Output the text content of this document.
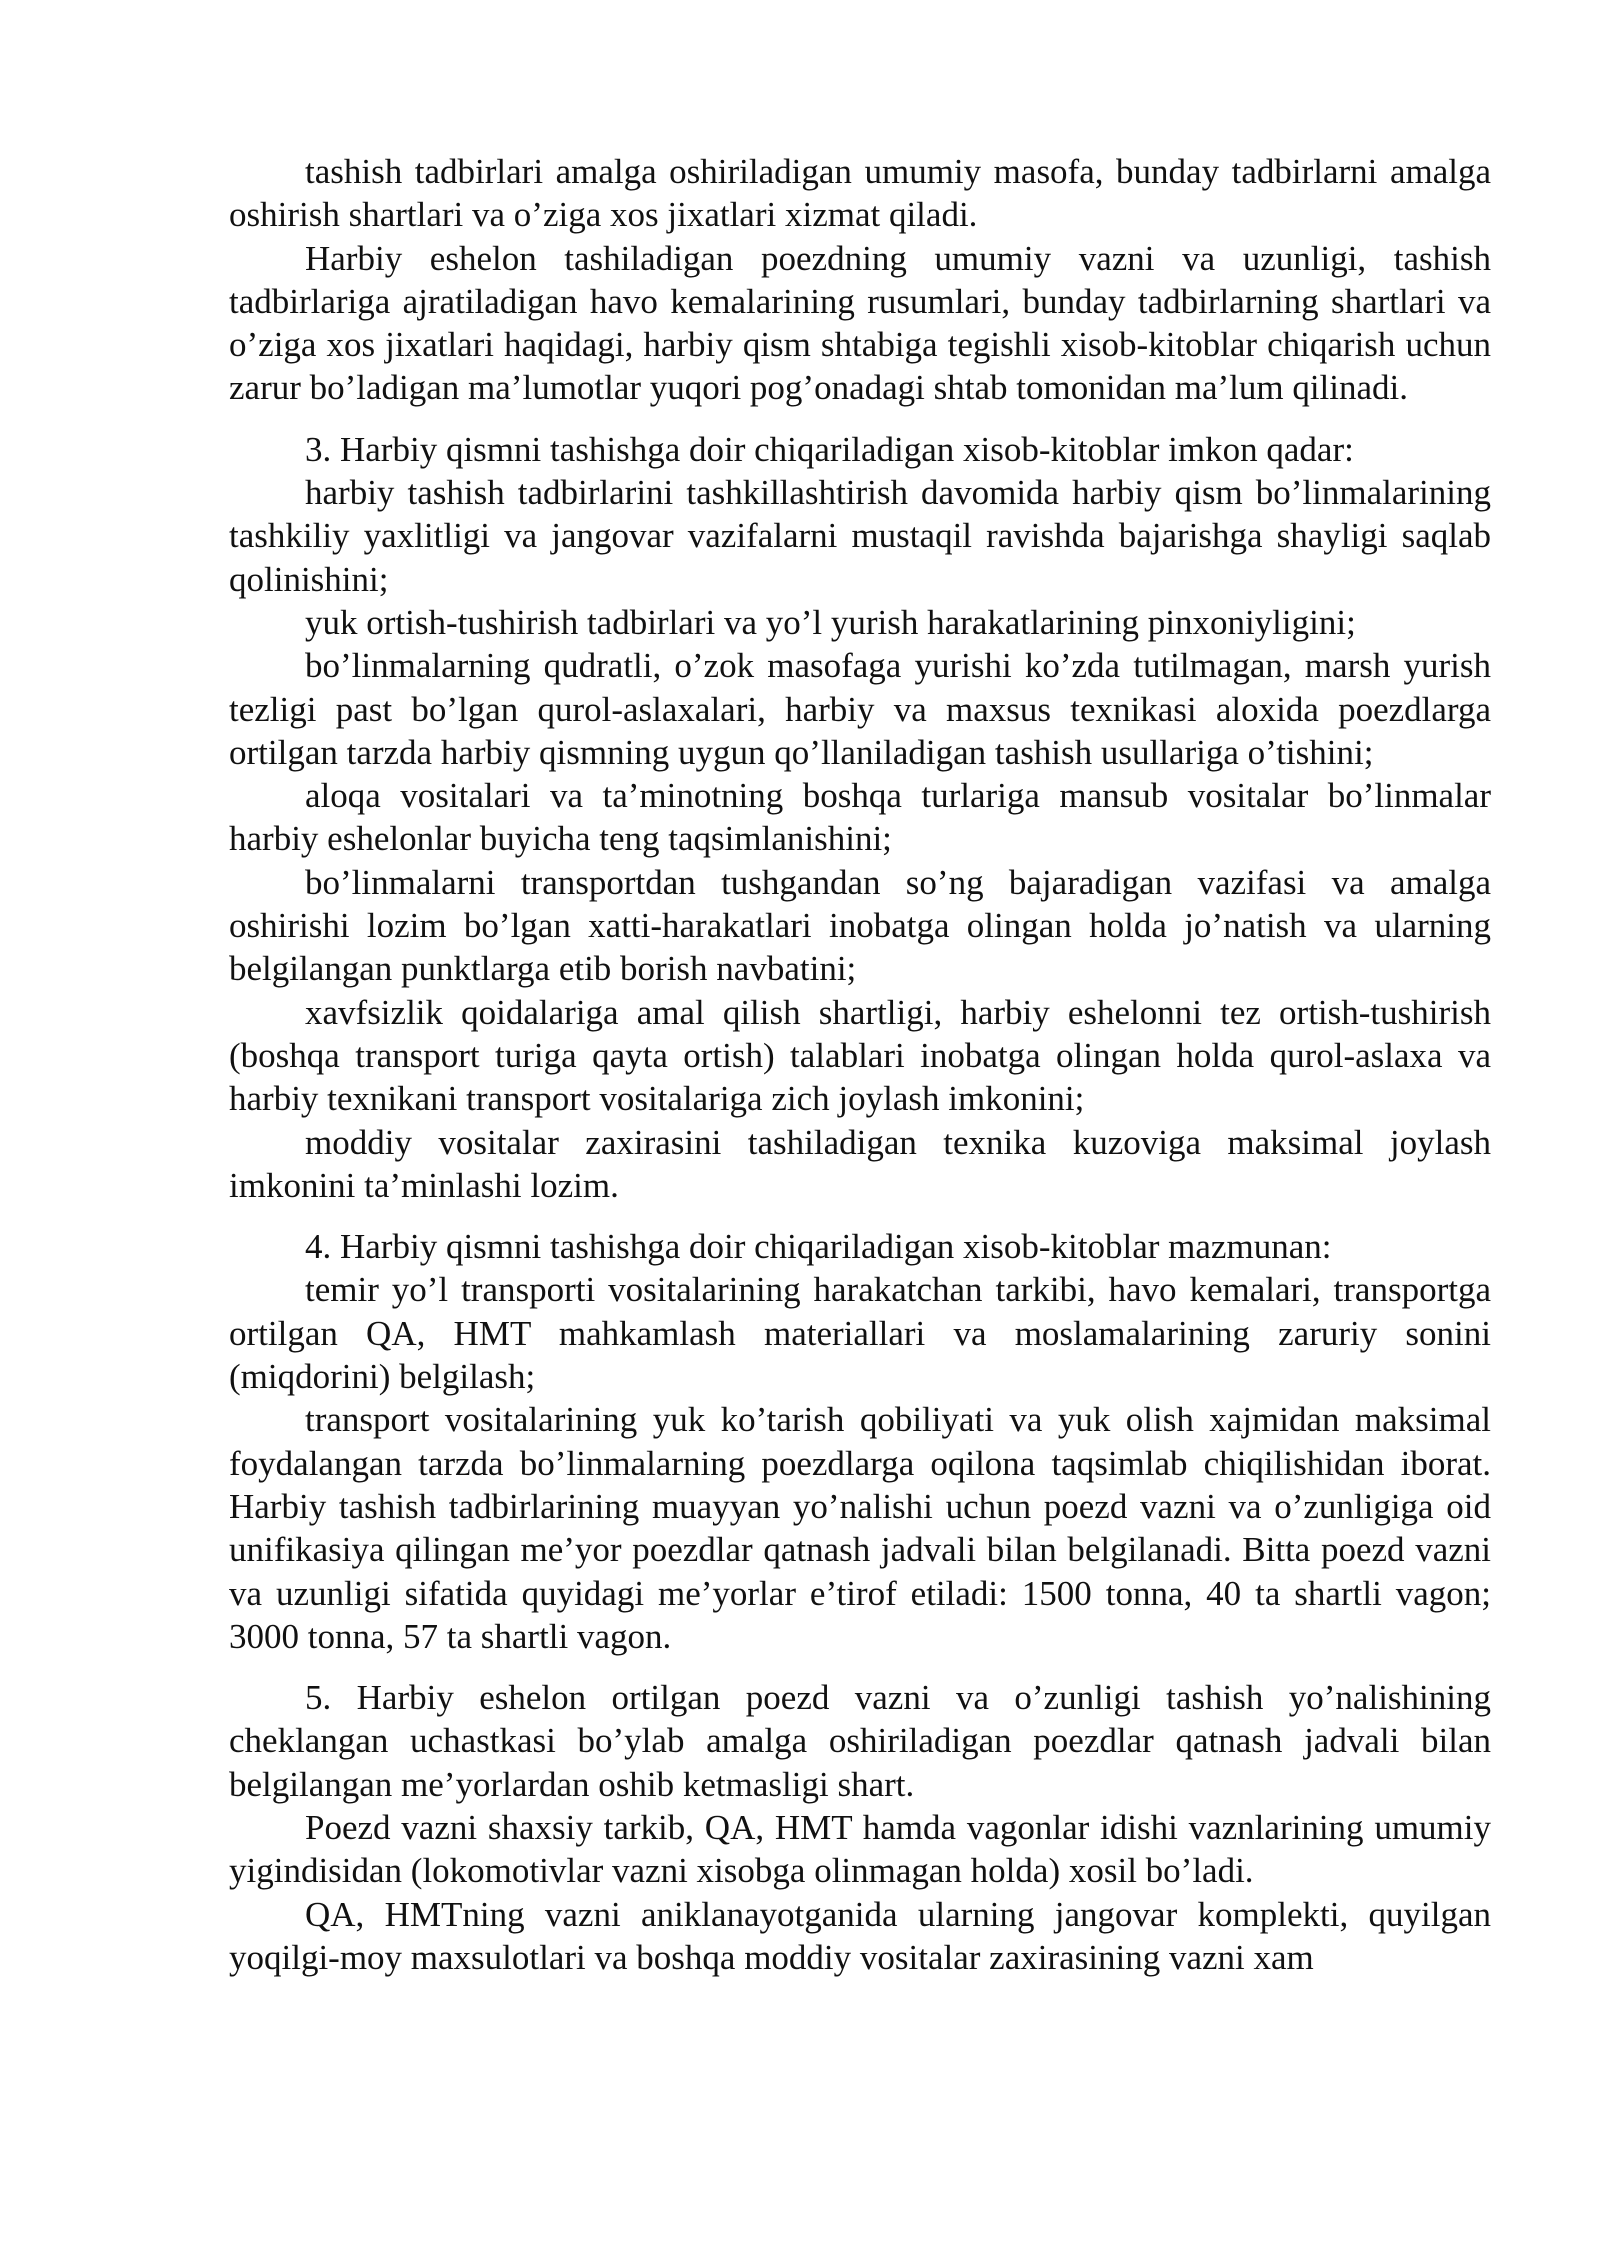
tashish tadbirlari amalga oshiriladigan umumiy masofa, bunday tadbirlarni amalga oshirish shartlari va o’ziga xos jixatlari xizmat qiladi.

Harbiy eshelon tashiladigan poezdning umumiy vazni va uzunligi, tashish tadbirlariga ajratiladigan havo kemalarining rusumlari, bunday tadbirlarning shartlari va o’ziga xos jixatlari haqidagi, harbiy qism shtabiga tegishli xisob-kitoblar chiqarish uchun zarur bo’ladigan ma’lumotlar yuqori pog’onadagi shtab tomonidan ma’lum qilinadi.

3. Harbiy qismni tashishga doir chiqariladigan xisob-kitoblar imkon qadar:

harbiy tashish tadbirlarini tashkillashtirish davomida harbiy qism bo’linmalarining tashkiliy yaxlitligi va jangovar vazifalarni mustaqil ravishda bajarishga shayligi saqlab qolinishini;

yuk ortish-tushirish tadbirlari va yo’l yurish harakatlarining pinxoniyligini;

bo’linmalarning qudratli, o’zok masofaga yurishi ko’zda tutilmagan, marsh yurish tezligi past bo’lgan qurol-aslaxalari, harbiy va maxsus texnikasi aloxida poezdlarga ortilgan tarzda harbiy qismning uygun qo’llaniladigan tashish usullariga o’tishini;

aloqa vositalari va ta’minotning boshqa turlariga mansub vositalar bo’linmalar harbiy eshelonlar buyicha teng taqsimlanishini;

bo’linmalarni transportdan tushgandan so’ng bajaradigan vazifasi va amalga oshirishi lozim bo’lgan xatti-harakatlari inobatga olingan holda jo’natish va ularning belgilangan punktlarga etib borish navbatini;

xavfsizlik qoidalariga amal qilish shartligi, harbiy eshelonni tez ortish-tushirish (boshqa transport turiga qayta ortish) talablari inobatga olingan holda qurol-aslaxa va harbiy texnikani transport vositalariga zich joylash imkonini;

moddiy vositalar zaxirasini tashiladigan texnika kuzoviga maksimal joylash imkonini ta’minlashi lozim.

4. Harbiy qismni tashishga doir chiqariladigan xisob-kitoblar mazmunan:

temir yo’l transporti vositalarining harakatchan tarkibi, havo kemalari, transportga ortilgan QA, HMT mahkamlash materiallari va moslamalarining zaruriy sonini (miqdorini) belgilash;

transport vositalarining yuk ko’tarish qobiliyati va yuk olish xajmidan maksimal foydalangan tarzda bo’linmalarning poezdlarga oqilona taqsimlab chiqilishidan iborat. Harbiy tashish tadbirlarining muayyan yo’nalishi uchun poezd vazni va o’zunligiga oid unifikasiya qilingan me’yor poezdlar qatnash jadvali bilan belgilanadi. Bitta poezd vazni va uzunligi sifatida quyidagi me’yorlar e’tirof etiladi: 1500 tonna, 40 ta shartli vagon; 3000 tonna, 57 ta shartli vagon.

5. Harbiy eshelon ortilgan poezd vazni va o’zunligi tashish yo’nalishining cheklangan uchastkasi bo’ylab amalga oshiriladigan poezdlar qatnash jadvali bilan belgilangan me’yorlardan oshib ketmasligi shart.

Poezd vazni shaxsiy tarkib, QA, HMT hamda vagonlar idishi vaznlarining umumiy yigindisidan (lokomotivlar vazni xisobga olinmagan holda) xosil bo’ladi.

QA, HMTning vazni aniklanayotganida ularning jangovar komplekti, quyilgan yoqilgi-moy maxsulotlari va boshqa moddiy vositalar zaxirasining vazni xam
